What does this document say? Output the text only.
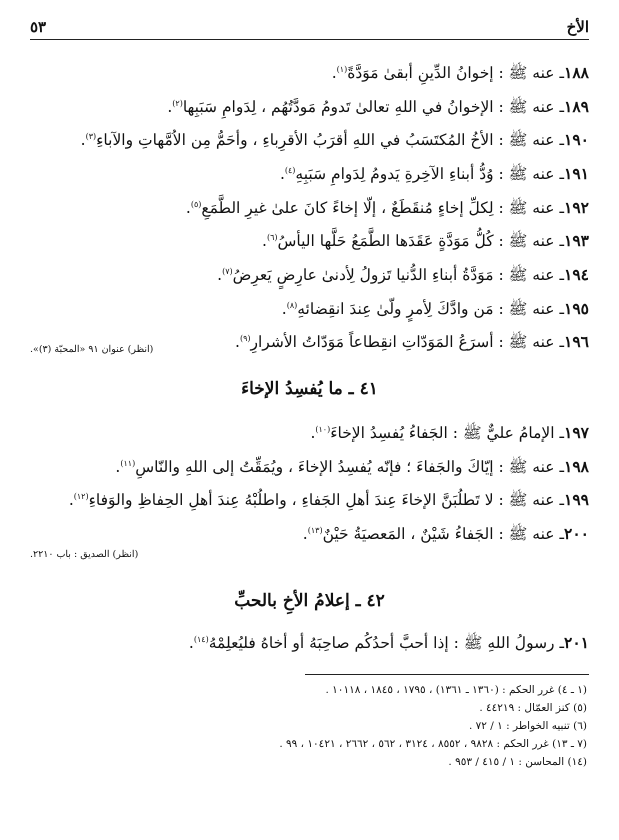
الأخ
٥٣
١٨٨ـ عنه ﷺ : إخوانُ الدِّينِ أبقىٰ مَوَدَّةً$^{(١)}$.
١٨٩ـ عنه ﷺ : الإخوانُ في اللهِ تعالىٰ تَدومُ مَودَّتُهُم ، لِدَوامِ سَبَبِها$^{(٢)}$.
١٩٠ـ عنه ﷺ : الأخُ المُكتَسَبُ في اللهِ أقرَبُ الأقرِباءِ ، وأحَمُّ مِن الاُمَّهاتِ والآباءِ$^{(٣)}$.
١٩١ـ عنه ﷺ : وُدُّ أبناءِ الآخِرةِ يَدومُ لِدَوامِ سَبَبِهِ$^{(٤)}$.
١٩٢ـ عنه ﷺ : لِكلِّ إخاءٍ مُنقَطَعٌ ، إلّا إخاءً كانَ علىٰ غيرِ الطَّمَعِ$^{(٥)}$.
١٩٣ـ عنه ﷺ : كُلُّ مَوَدَّةٍ عَقَدَها الطَّمَعُ حَلَّها اليأسُ$^{(٦)}$.
١٩٤ـ عنه ﷺ : مَوَدَّةُ أبناءِ الدُّنيا تَزولُ لِأدنىٰ عارِضٍ يَعرِضُ$^{(٧)}$.
١٩٥ـ عنه ﷺ : مَن وادَّكَ لِأمرٍ ولّىٰ عِندَ انقِضائهِ$^{(٨)}$.
١٩٦ـ عنه ﷺ : أسرَعُ المَوَدّاتِ انقِطاعاً مَوَدّاتُ الأشرارِ$^{(٩)}$.
(انظر) عنوان ٩١ «المحبّة (٣)».
٤١ ـ ما يُفسِدُ الإخاءَ
١٩٧ـ الإمامُ عليٌّ ﷺ : الجَفاءُ يُفسِدُ الإخاءَ$^{(١٠)}$.
١٩٨ـ عنه ﷺ : إيّاكَ والجَفاءَ ؛ فإنّه يُفسِدُ الإخاءَ ، ويُمَقِّتُ إلى اللهِ والنّاسِ$^{(١١)}$.
١٩٩ـ عنه ﷺ : لا تَطلُبَنَّ الإخاءَ عِندَ أهلِ الجَفاءِ ، واطلُبْهُ عِندَ أهلِ الحِفاظِ والوَفاءِ$^{(١٢)}$.
٢٠٠ـ عنه ﷺ : الجَفاءُ شَيْنٌ ، المَعصيَةُ حَيْنٌ$^{(١٣)}$.
(انظر) الصديق : باب ٢٢١٠.
٤٢ ـ إعلامُ الأخِ بالحبِّ
٢٠١ـ رسولُ اللهِ ﷺ : إذا أحبَّ أحدُكُم صاحِبَهُ أو أخاهُ فليُعلِمْهُ$^{(١٤)}$.
(١ ـ ٤) غرر الحكم : (١٣٦٠ ـ ١٣٦١) ، ١٧٩٥ ، ١٨٤٥ ، ١٠١١٨ .
(٥) كنز العمّال : ٤٤٢١٩ .
(٦) تنبيه الخواطر : ١ / ٧٢ .
(٧ ـ ١٣) غرر الحكم : ٩٨٢٨ ، ٨٥٥٢ ، ٣١٢٤ ، ٥٦٢ ، ٢٦٦٢ ، ١٠٤٢١ ، ٩٩ .
(١٤) المحاسن : ١ / ٤١٥ / ٩٥٣ .
